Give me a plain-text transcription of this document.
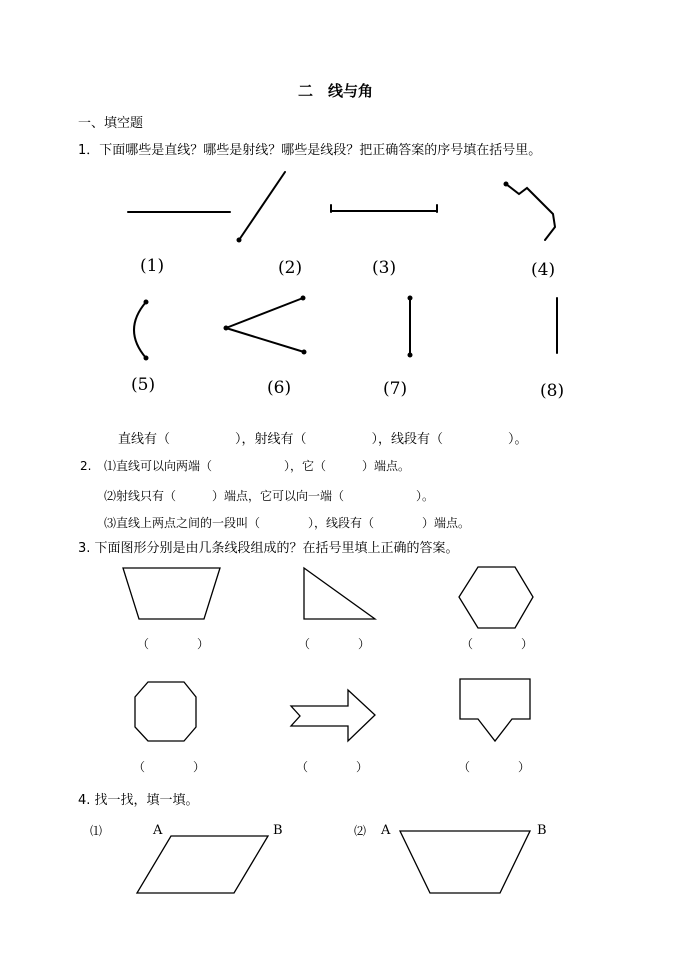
二　线与角
一、填空题
1．下面哪些是直线？哪些是射线？哪些是线段？把正确答案的序号填在括号里。
(1)	(2)	(3)	(4)
(5)	(6)	(7)	(8)
直线有（　　　　　），射线有（　　　　　），线段有（　　　　　）。
2. ⑴直线可以向两端（　　　　　　），它（　　　）端点。
⑵射线只有（　　　）端点，它可以向一端（　　　　　　）。
⑶直线上两点之间的一段叫（　　　　），线段有（　　　　）端点。
3. 下面图形分别是由几条线段组成的？在括号里填上正确的答案。
（　　　　）	（　　　　）	（　　　　）
（　　　　）	（　　　　）	（　　　　）
4. 找一找，填一填。
⑴	A	B	⑵ A	B
